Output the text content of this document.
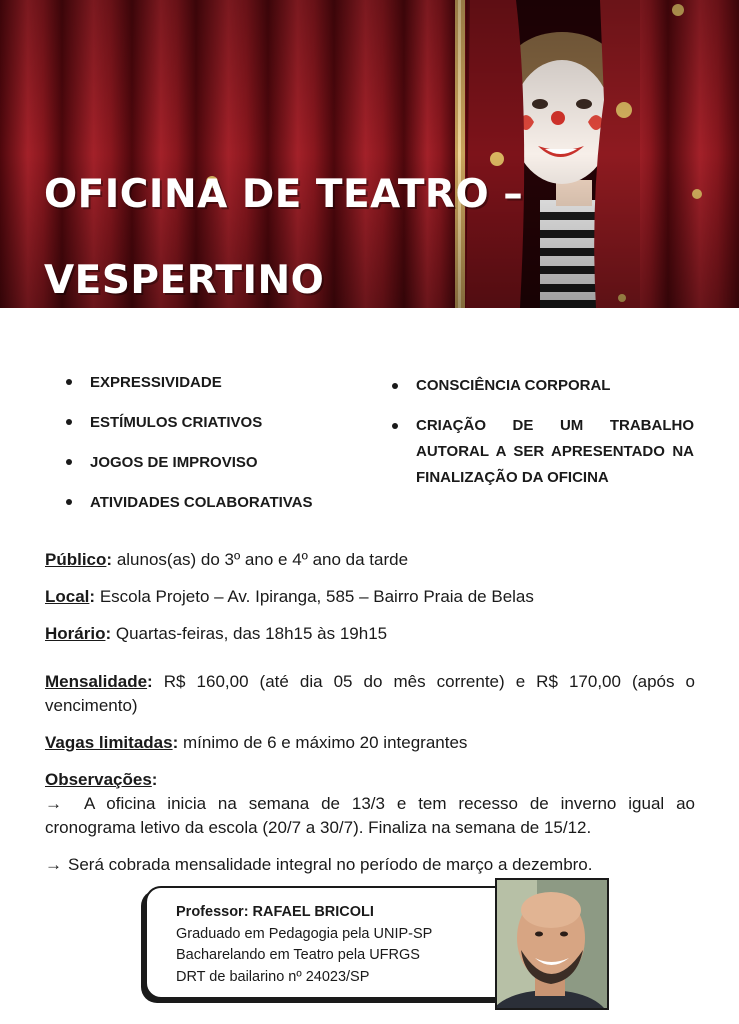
OFICINA DE TEATRO –
VESPERTINO
EXPRESSIVIDADE
ESTÍMULOS CRIATIVOS
JOGOS DE IMPROVISO
ATIVIDADES COLABORATIVAS
CONSCIÊNCIA CORPORAL
CRIAÇÃO DE UM TRABALHO AUTORAL A SER APRESENTADO NA FINALIZAÇÃO DA OFICINA

Público: alunos(as) do 3º ano e 4º ano da tarde

Local: Escola Projeto – Av. Ipiranga, 585 – Bairro Praia de Belas

Horário: Quartas-feiras, das 18h15 às 19h15

Mensalidade: R$ 160,00 (até dia 05 do mês corrente) e R$ 170,00 (após o vencimento)

Vagas limitadas: mínimo de 6 e máximo 20 integrantes

Observações:

→ A oficina inicia na semana de 13/3 e tem recesso de inverno igual ao cronograma letivo da escola (20/7 a 30/7). Finaliza na semana de 15/12.

→ Será cobrada mensalidade integral no período de março a dezembro.

Professor: RAFAEL BRICOLI
Graduado em Pedagogia pela UNIP-SP
Bacharelando em Teatro pela UFRGS
DRT de bailarino nº 24023/SP
